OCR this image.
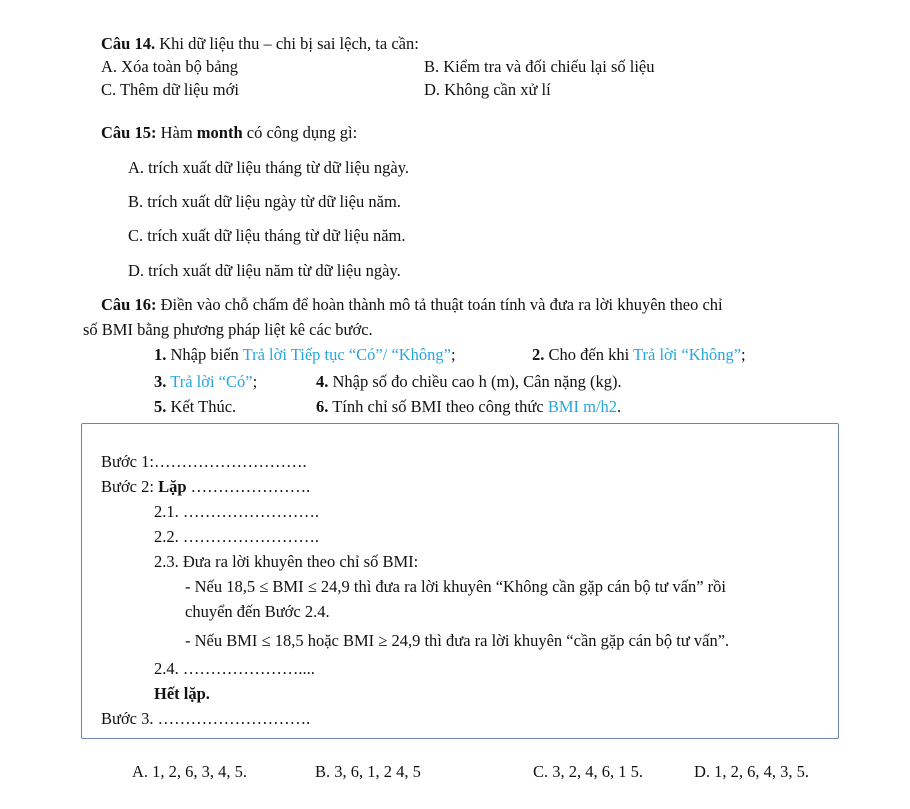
Câu 14. Khi dữ liệu thu – chi bị sai lệch, ta cần:
A. Xóa toàn bộ bảng	B. Kiểm tra và đối chiếu lại số liệu
C. Thêm dữ liệu mới	D. Không cần xử lí
Câu 15: Hàm month có công dụng gì:
A. trích xuất dữ liệu tháng từ dữ liệu ngày.
B. trích xuất dữ liệu ngày từ dữ liệu năm.
C. trích xuất dữ liệu tháng từ dữ liệu năm.
D. trích xuất dữ liệu năm từ dữ liệu ngày.
Câu 16: Điền vào chỗ chấm để hoàn thành mô tả thuật toán tính và đưa ra lời khuyên theo chỉ
số BMI bằng phương pháp liệt kê các bước.
1. Nhập biến Trả lời Tiếp tục “Có”/ “Không”;	2. Cho đến khi Trả lời “Không”;
3. Trả lời “Có”;	4. Nhập số đo chiều cao h (m), Cân nặng (kg).
5. Kết Thúc.	6. Tính chỉ số BMI theo công thức BMI m/h2.
Bước 1:……………………….
Bước 2: Lặp ………………….
2.1. …………………….
2.2. …………………….
2.3. Đưa ra lời khuyên theo chỉ số BMI:
- Nếu 18,5 ≤ BMI ≤ 24,9 thì đưa ra lời khuyên “Không cần gặp cán bộ tư vấn” rồi
chuyển đến Bước 2.4.
- Nếu BMI ≤ 18,5 hoặc BMI ≥ 24,9 thì đưa ra lời khuyên “cần gặp cán bộ tư vấn”.
2.4. …………………....
Hết lặp.
Bước 3. ……………………….
A. 1, 2, 6, 3, 4, 5.	B. 3, 6, 1, 2 4, 5	C. 3, 2, 4, 6, 1 5.	D. 1, 2, 6, 4, 3, 5.
